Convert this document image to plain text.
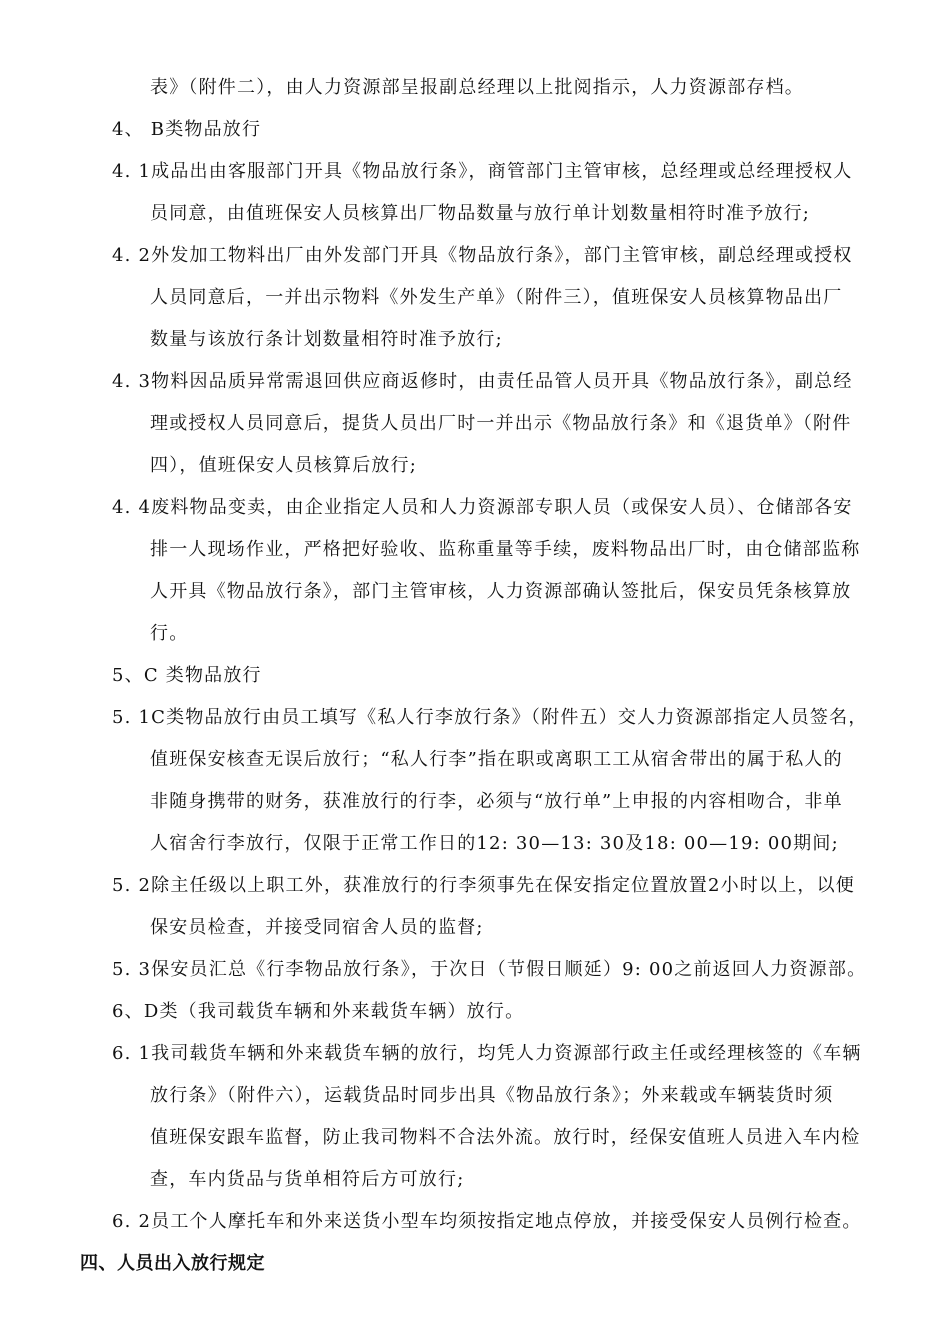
表》（附件二），由人力资源部呈报副总经理以上批阅指示，人力资源部存档。
4、 B类物品放行
4. 1成品出由客服部门开具《物品放行条》，商管部门主管审核，总经理或总经理授权人
员同意，由值班保安人员核算出厂物品数量与放行单计划数量相符时准予放行;
4. 2外发加工物料出厂由外发部门开具《物品放行条》，部门主管审核，副总经理或授权
人员同意后，一并出示物料《外发生产单》（附件三），值班保安人员核算物品出厂
数量与该放行条计划数量相符时准予放行;
4. 3物料因品质异常需退回供应商返修时，由责任品管人员开具《物品放行条》，副总经
理或授权人员同意后，提货人员出厂时一并出示《物品放行条》和《退货单》（附件
四），值班保安人员核算后放行;
4. 4废料物品变卖，由企业指定人员和人力资源部专职人员（或保安人员）、仓储部各安
排一人现场作业，严格把好验收、监称重量等手续，废料物品出厂时，由仓储部监称
人开具《物品放行条》，部门主管审核，人力资源部确认签批后，保安员凭条核算放
行。
5、C 类物品放行
5. 1C类物品放行由员工填写《私人行李放行条》（附件五）交人力资源部指定人员签名，
值班保安核查无误后放行；“私人行李”指在职或离职工工从宿舍带出的属于私人的
非随身携带的财务，获准放行的行李，必须与“放行单”上申报的内容相吻合，非单
人宿舍行李放行，仅限于正常工作日的12: 30—13: 30及18: 00—19: 00期间;
5. 2除主任级以上职工外，获准放行的行李须事先在保安指定位置放置2小时以上，以便
保安员检查，并接受同宿舍人员的监督;
5. 3保安员汇总《行李物品放行条》，于次日（节假日顺延）9: 00之前返回人力资源部。
6、D类（我司载货车辆和外来载货车辆）放行。
6. 1我司载货车辆和外来载货车辆的放行，均凭人力资源部行政主任或经理核签的《车辆
放行条》（附件六），运载货品时同步出具《物品放行条》；外来载或车辆装货时须
值班保安跟车监督，防止我司物料不合法外流。放行时，经保安值班人员进入车内检
查，车内货品与货单相符后方可放行;
6. 2员工个人摩托车和外来送货小型车均须按指定地点停放，并接受保安人员例行检查。
四、人员出入放行规定
